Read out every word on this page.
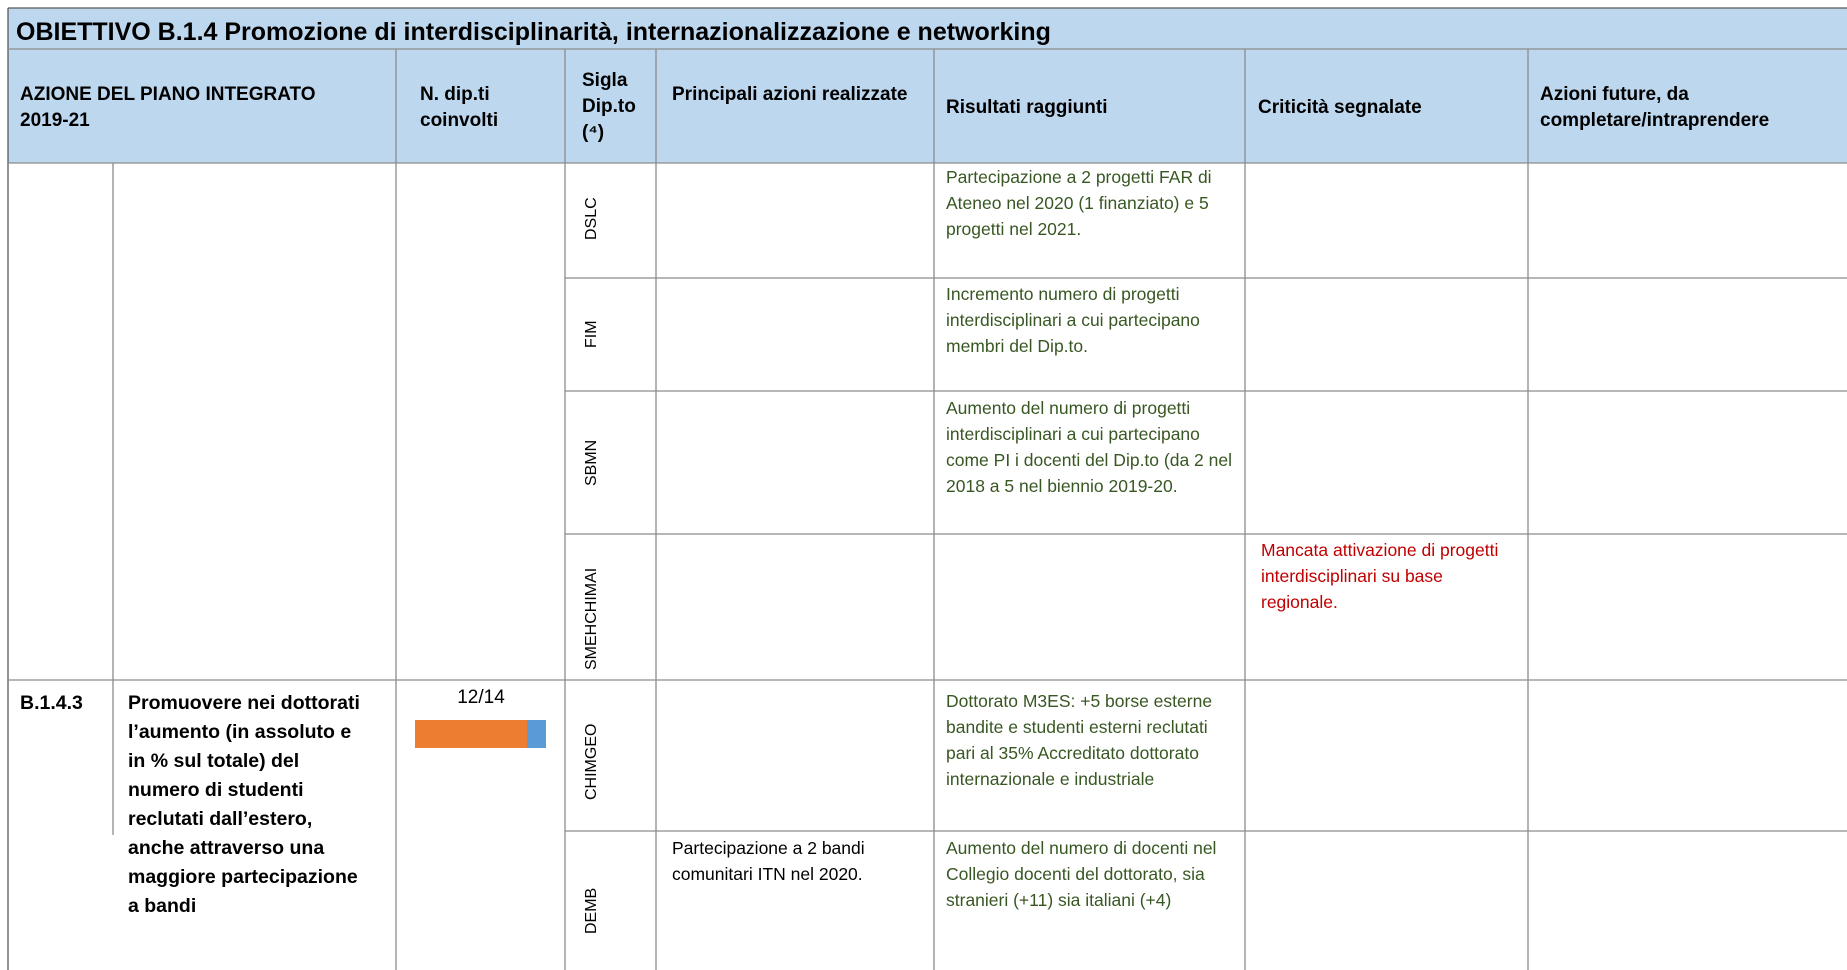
OBIETTIVO B.1.4 Promozione di interdisciplinarità, internazionalizzazione e networking
AZIONE DEL PIANO INTEGRATO 2019-21
N. dip.ti coinvolti
Sigla Dip.to (⁴)
Principali azioni realizzate
Risultati raggiunti	Criticità segnalate
Azioni future, da completare/intraprendere
DSLC
Partecipazione a 2 progetti FAR di Ateneo nel 2020 (1 finanziato) e 5 progetti nel 2021.
FIM
Incremento numero di progetti interdisciplinari a cui partecipano membri del Dip.to.
SBMN
Aumento del numero di progetti interdisciplinari a cui partecipano come PI i docenti del Dip.to (da 2 nel 2018 a 5 nel biennio 2019-20.
SMEHCHIMAI
Mancata attivazione di progetti interdisciplinari su base regionale.
B.1.4.3	Promuovere nei dottorati l’aumento (in assoluto e in % sul totale) del numero di studenti reclutati dall’estero, anche attraverso una maggiore partecipazione a bandi
12/14
CHIMGEO
Dottorato M3ES: +5 borse esterne bandite e studenti esterni reclutati pari al 35% Accreditato dottorato internazionale e industriale
DEMB
Partecipazione a 2 bandi comunitari ITN nel 2020.
Aumento del numero di docenti nel Collegio docenti del dottorato, sia stranieri (+11) sia italiani (+4)
